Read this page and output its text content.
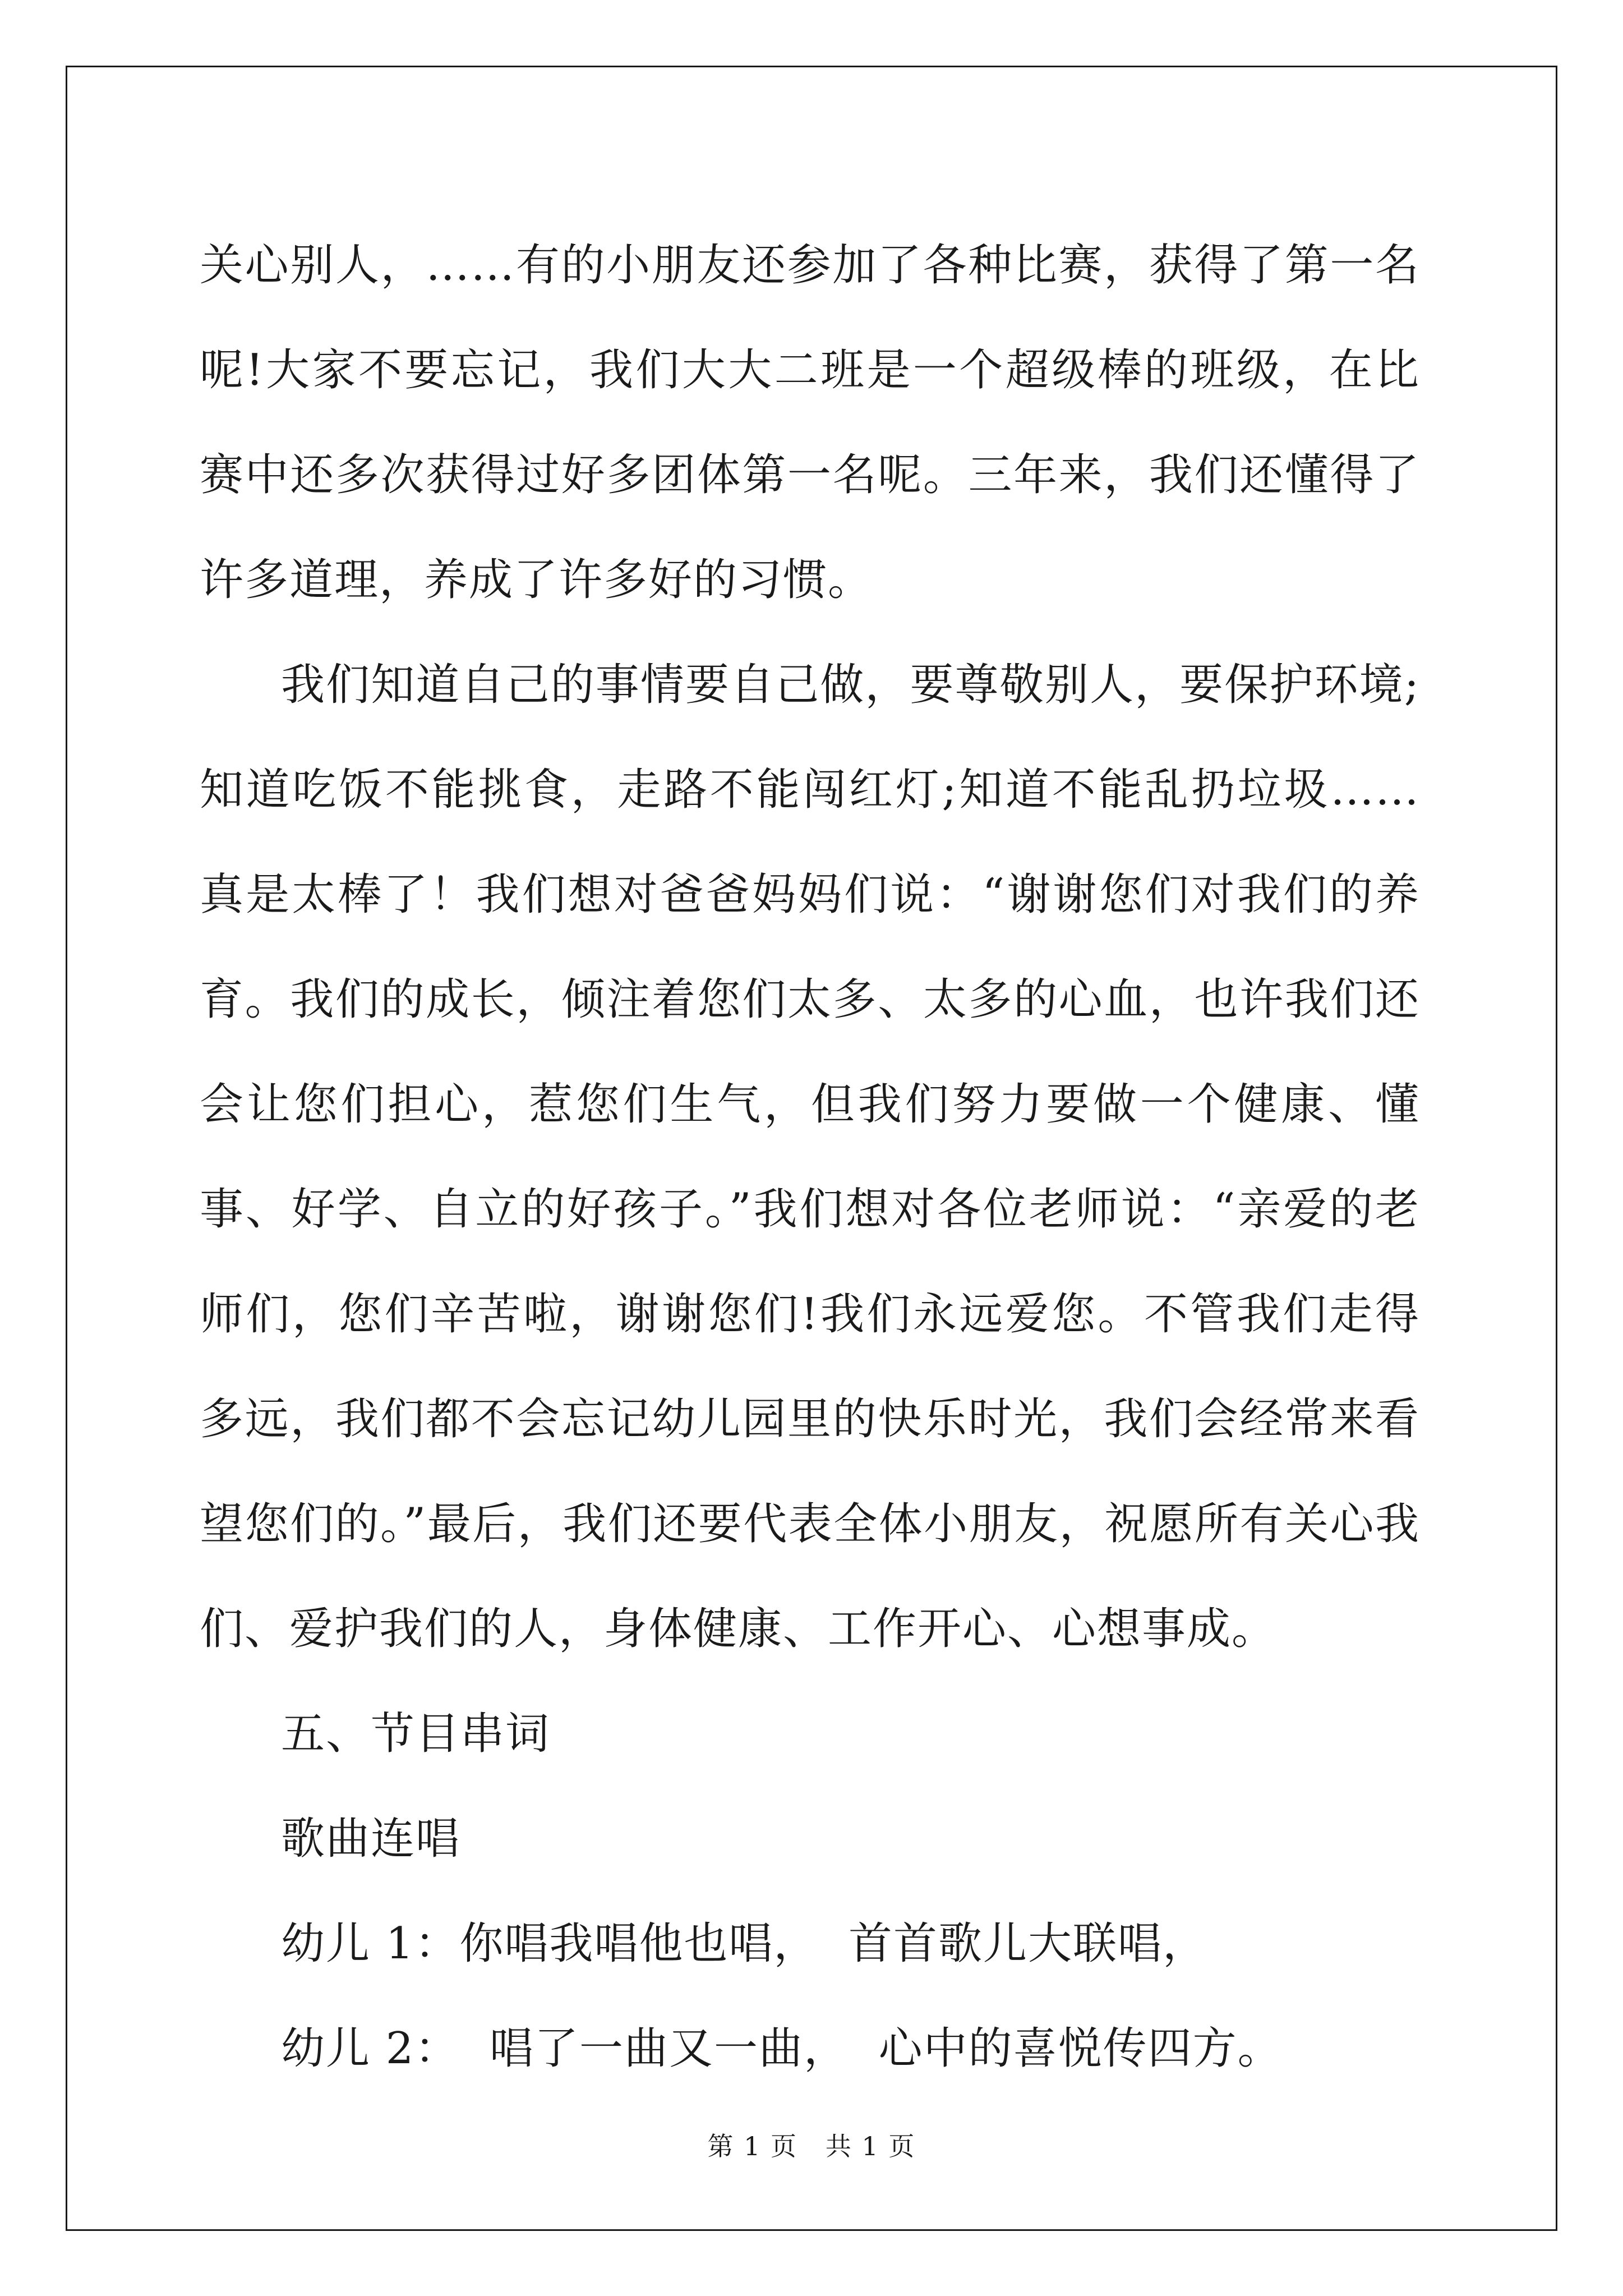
关心别人，……有的小朋友还参加了各种比赛，获得了第一名呢!大家不要忘记，我们大大二班是一个超级棒的班级，在比赛中还多次获得过好多团体第一名呢。三年来，我们还懂得了许多道理，养成了许多好的习惯。

我们知道自己的事情要自己做，要尊敬别人，要保护环境;知道吃饭不能挑食，走路不能闯红灯;知道不能乱扔垃圾……真是太棒了！我们想对爸爸妈妈们说：“谢谢您们对我们的养育。我们的成长，倾注着您们太多、太多的心血，也许我们还会让您们担心，惹您们生气，但我们努力要做一个健康、懂事、好学、自立的好孩子。”我们想对各位老师说：“亲爱的老师们，您们辛苦啦，谢谢您们!我们永远爱您。不管我们走得多远，我们都不会忘记幼儿园里的快乐时光，我们会经常来看望您们的。”最后，我们还要代表全体小朋友，祝愿所有关心我们、爱护我们的人，身体健康、工作开心、心想事成。

五、节目串词

歌曲连唱

幼儿 1：你唱我唱他也唱，  首首歌儿大联唱，

幼儿 2：  唱了一曲又一曲，  心中的喜悦传四方。

第 1 页   共 1 页
